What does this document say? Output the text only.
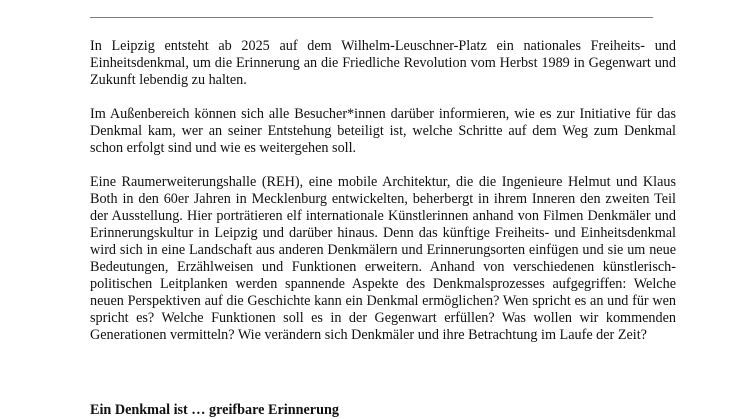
In Leipzig entsteht ab 2025 auf dem Wilhelm-Leuschner-Platz ein nationales Freiheits- und Einheitsdenkmal, um die Erinnerung an die Friedliche Revolution vom Herbst 1989 in Gegenwart und Zukunft lebendig zu halten.

Im Außenbereich können sich alle Besucher*innen darüber informieren, wie es zur Initiative für das Denkmal kam, wer an seiner Entstehung beteiligt ist, welche Schritte auf dem Weg zum Denkmal schon erfolgt sind und wie es weitergehen soll.

Eine Raumerweiterungshalle (REH), eine mobile Architektur, die die Ingenieure Helmut und Klaus Both in den 60er Jahren in Mecklenburg entwickelten, beherbergt in ihrem Inneren den zweiten Teil der Ausstellung. Hier porträtieren elf internationale Künstlerinnen anhand von Filmen Denkmäler und Erinnerungskultur in Leipzig und darüber hinaus. Denn das künftige Freiheits- und Einheitsdenkmal wird sich in eine Landschaft aus anderen Denkmälern und Erinnerungsorten einfügen und sie um neue Bedeutungen, Erzählweisen und Funktionen erweitern. Anhand von verschiedenen künstlerisch-politischen Leitplanken werden spannende Aspekte des Denkmalsprozesses aufgegriffen: Welche neuen Perspektiven auf die Geschichte kann ein Denkmal ermöglichen? Wen spricht es an und für wen spricht es? Welche Funktionen soll es in der Gegenwart erfüllen? Was wollen wir kommenden Generationen vermitteln? Wie verändern sich Denkmäler und ihre Betrachtung im Laufe der Zeit?

Ein Denkmal ist … greifbare Erinnerung
